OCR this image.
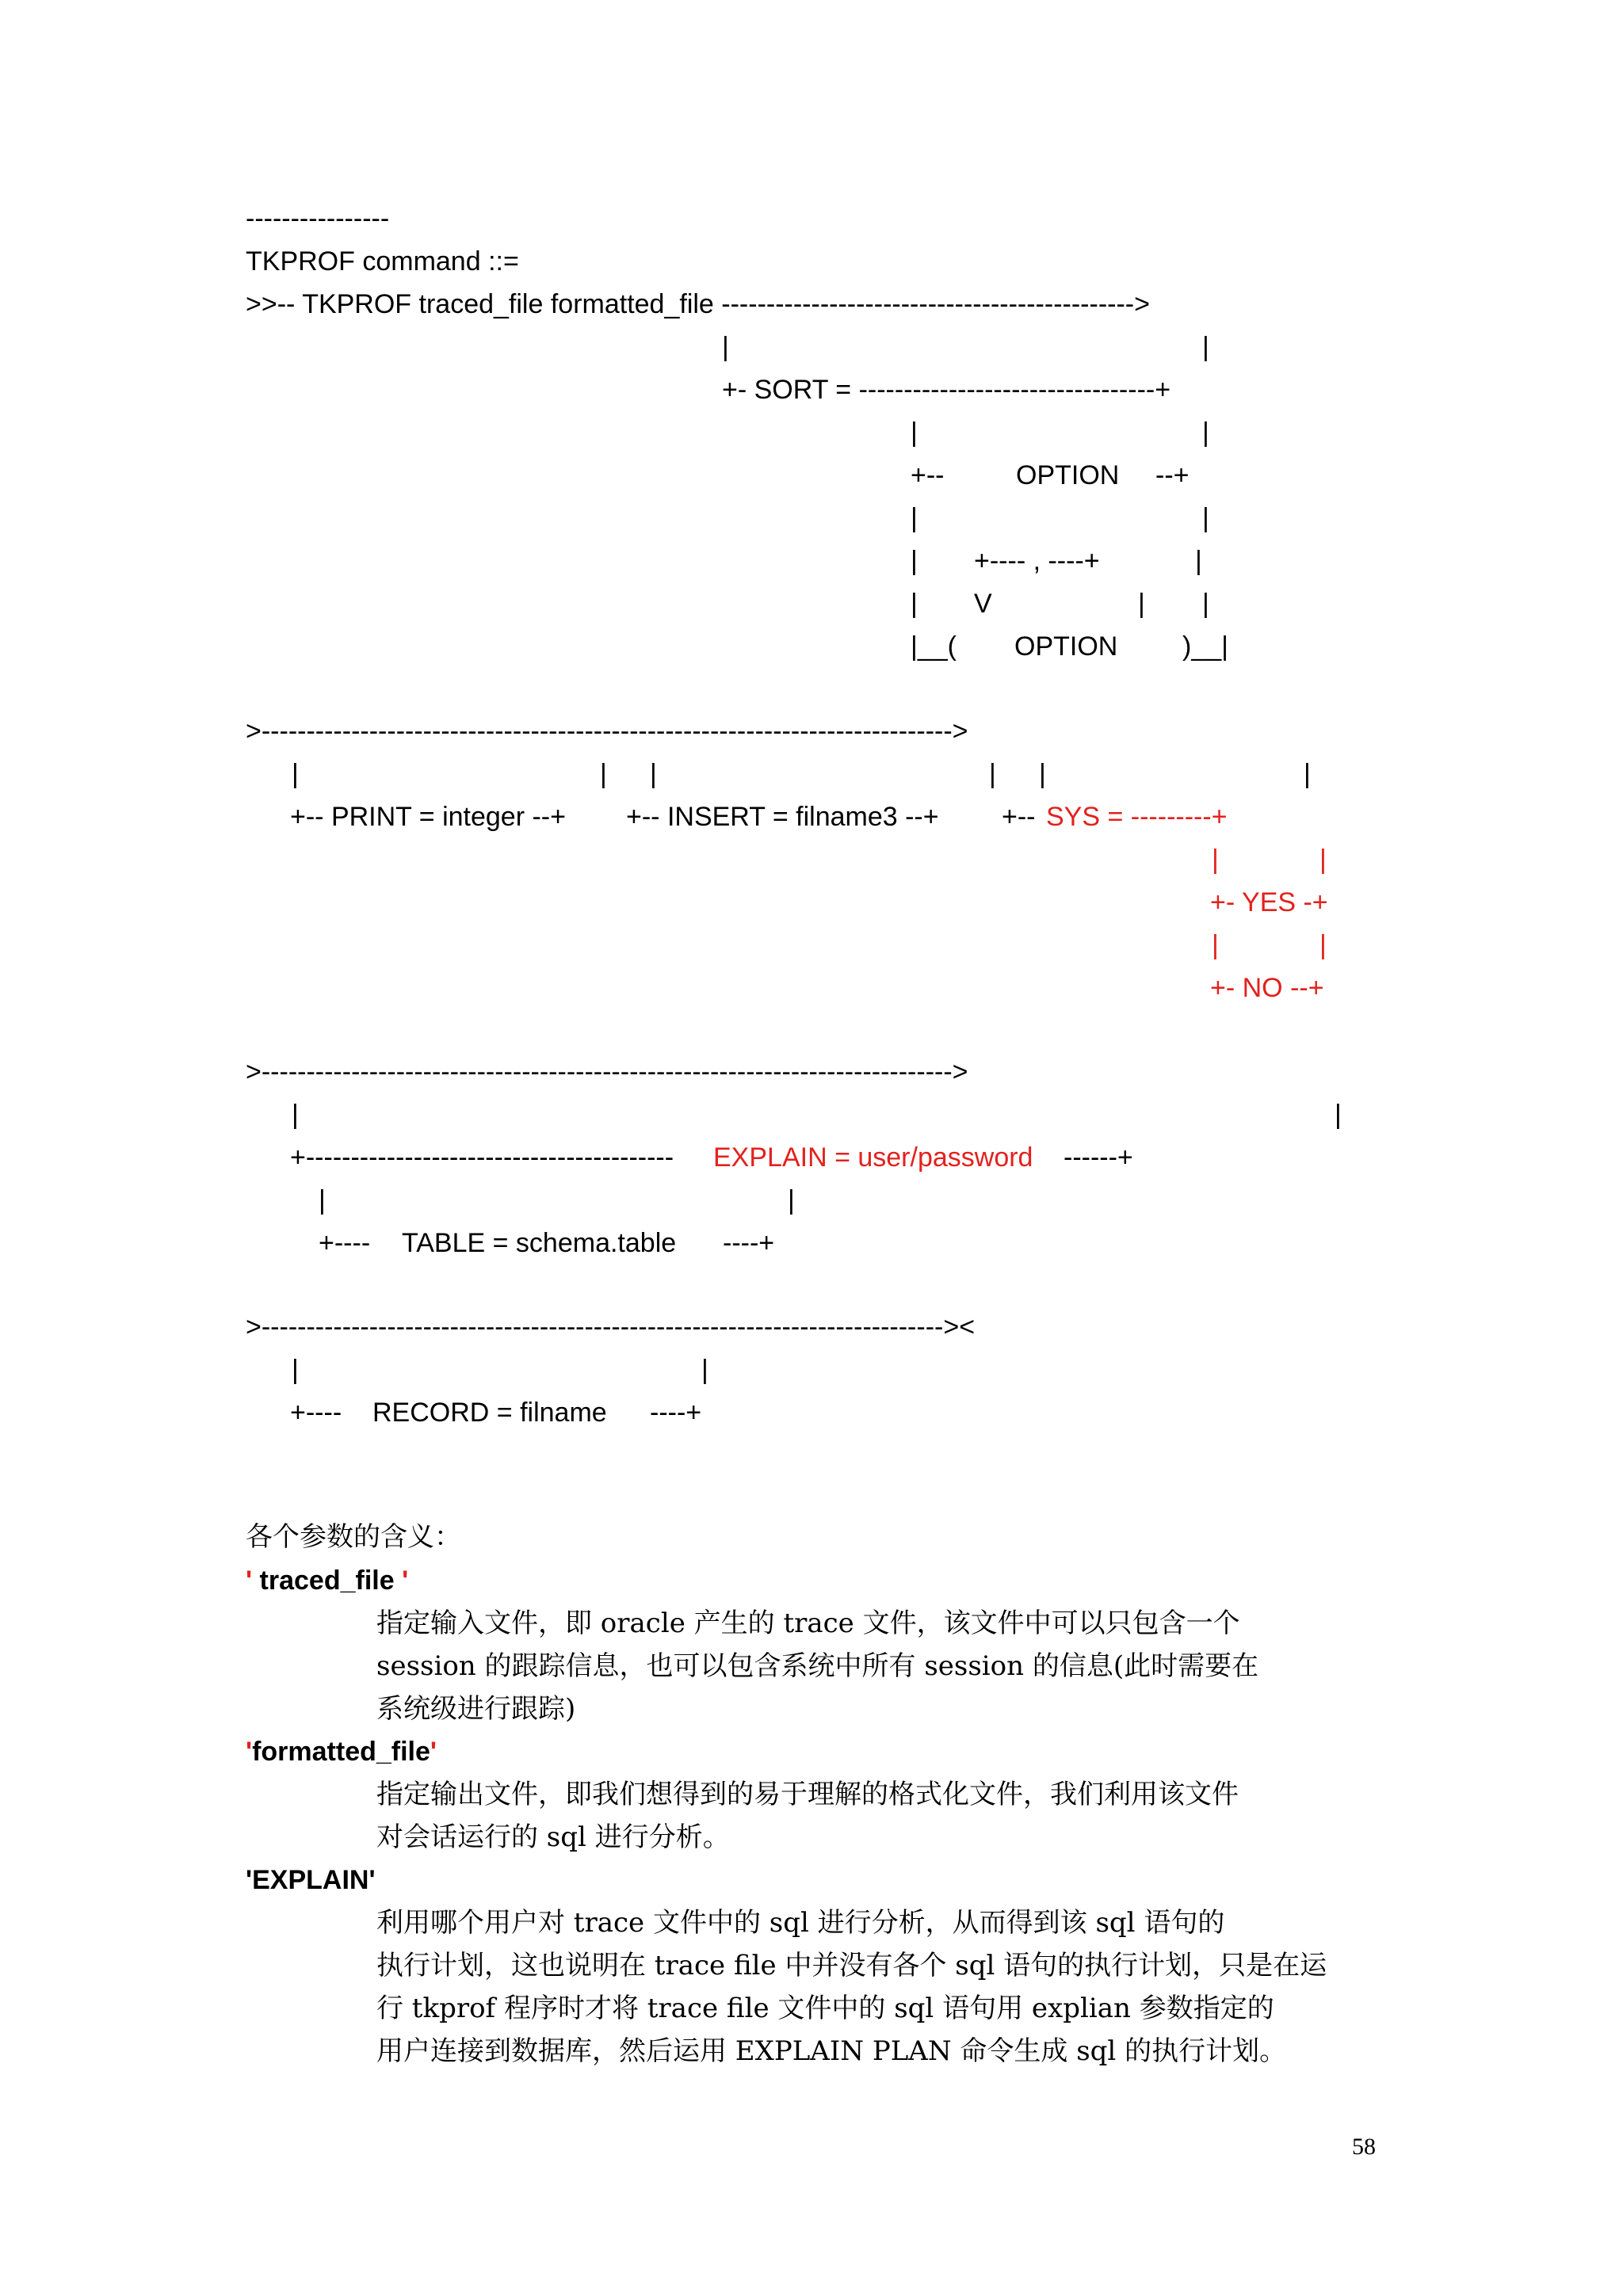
----------------
TKPROF command ::=
>>-- TKPROF traced_file formatted_file ---------------------------------------------->
|	|
+- SORT = ---------------------------------+
|	|
+--	OPTION --+
|	|
| +---- , ----+	|
| V	| |
|__( OPTION )__|
>----------------------------------------------------------------------------->
|	| |	| |	|
+-- PRINT = integer --+ +-- INSERT = filname3 --+ +-- SYS = ---------+
|	|
+- YES -+
|	|
+- NO --+
>----------------------------------------------------------------------------->
|	|
+----------------------------------------- EXPLAIN = user/password ------+
|	|
+---- TABLE = schema.table ----+
>----------------------------------------------------------------------------><
|	|
+---- RECORD = filname ----+
各个参数的含义：
' traced_file '
指定输入文件，即 oracle 产生的 trace 文件，该文件中可以只包含一个
session 的跟踪信息，也可以包含系统中所有 session 的信息(此时需要在
系统级进行跟踪)
'formatted_file'
指定输出文件，即我们想得到的易于理解的格式化文件，我们利用该文件
对会话运行的 sql 进行分析。
'EXPLAIN'
利用哪个用户对 trace 文件中的 sql 进行分析，从而得到该 sql 语句的
执行计划，这也说明在 trace file 中并没有各个 sql 语句的执行计划，只是在运
行 tkprof 程序时才将 trace file 文件中的 sql 语句用 explian 参数指定的
用户连接到数据库，然后运用 EXPLAIN PLAN 命令生成 sql 的执行计划。
58
